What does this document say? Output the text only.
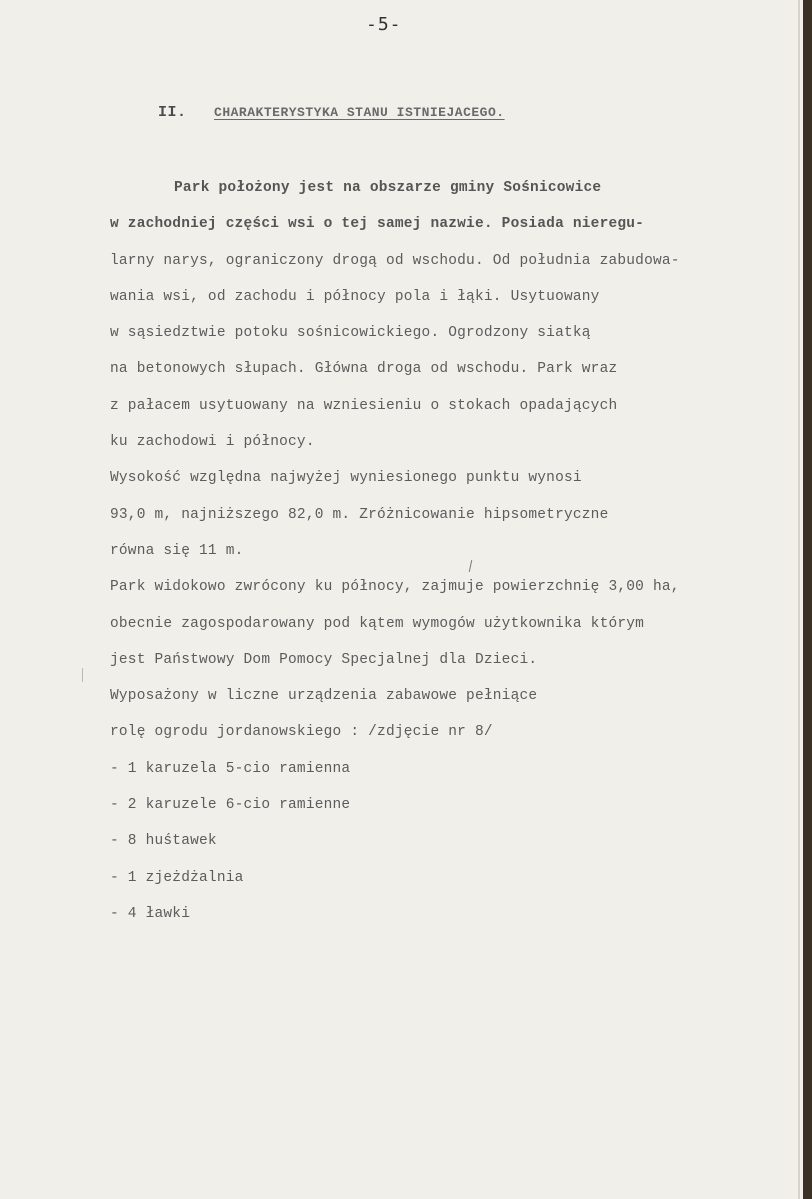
-5-
II. CHARAKTERYSTYKA STANU ISTNIEJACEGO.
Park położony jest na obszarze gminy Sośnicowice
w zachodniej części wsi o tej samej nazwie. Posiada nieregu-
larny narys, ograniczony drogą od wschodu. Od południa zabudowa-
wania wsi, od zachodu i północy pola i łąki. Usytuowany
w sąsiedztwie potoku sośnicowickiego. Ogrodzony siatką
na betonowych słupach. Główna droga od wschodu. Park wraz
z pałacem usytuowany na wzniesieniu o stokach opadających
ku zachodowi i północy.
Wysokość względna najwyżej wyniesionego punktu wynosi
93,0 m, najniższego 82,0 m. Zróżnicowanie hipsometryczne
równa się 11 m.
Park widokowo zwrócony ku północy, zajmuje powierzchnię 3,00 ha,
obecnie zagospodarowany pod kątem wymogów użytkownika którym
jest Państwowy Dom Pomocy Specjalnej dla Dzieci.
Wyposażony w liczne urządzenia zabawowe pełniące
rolę ogrodu jordanowskiego : /zdjęcie nr 8/
- 1 karuzela 5-cio ramienna
- 2 karuzele 6-cio ramienne
- 8 huśtawek
- 1 zjeżdżalnia
- 4 ławki
